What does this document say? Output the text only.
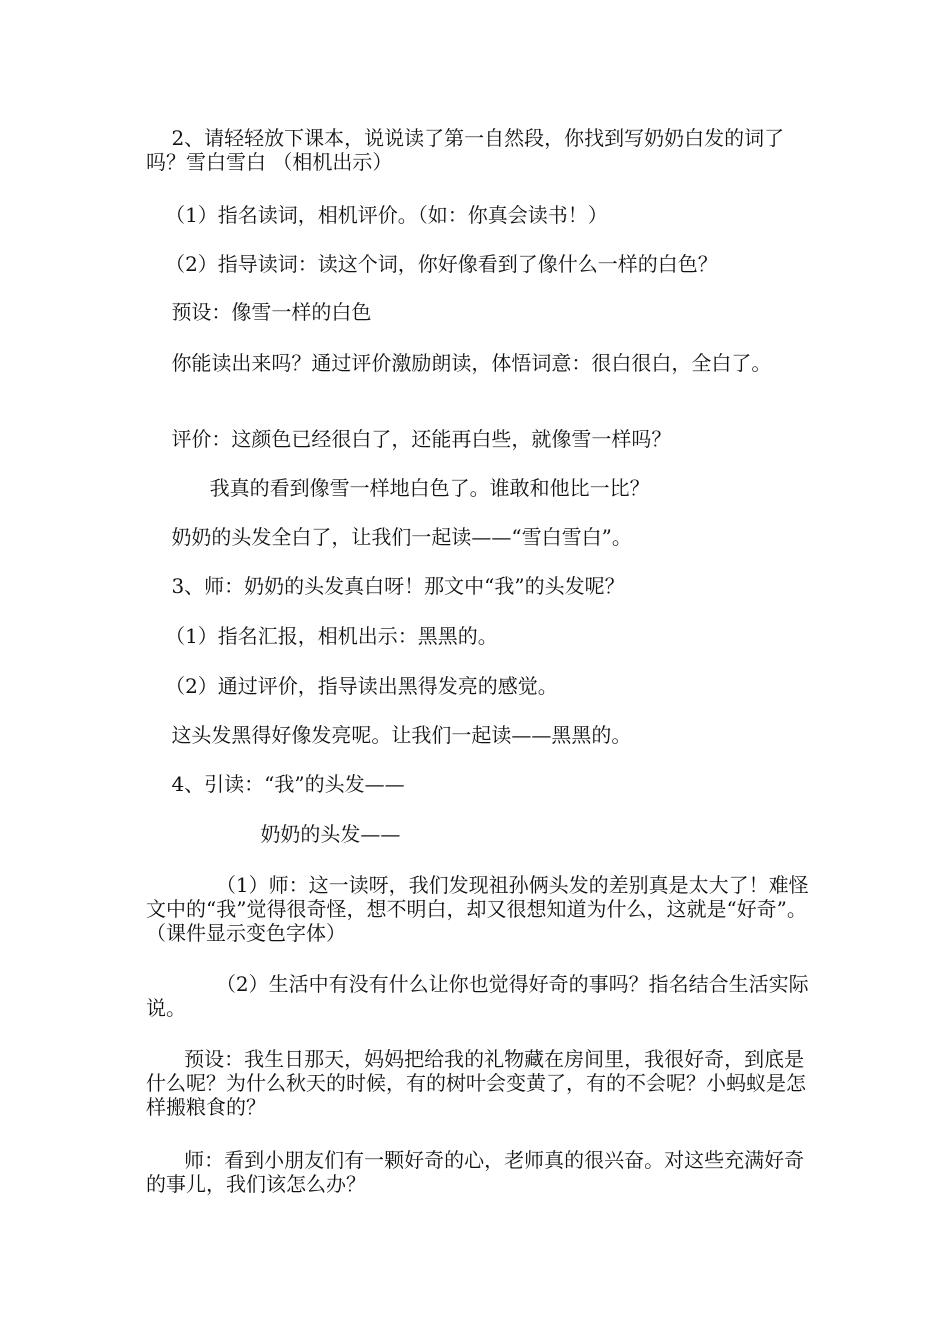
2、请轻轻放下课本，说说读了第一自然段，你找到写奶奶白发的词了吗？雪白雪白 （相机出示）

（1）指名读词，相机评价。（如：你真会读书！）

（2）指导读词：读这个词，你好像看到了像什么一样的白色？

预设：像雪一样的白色

你能读出来吗？通过评价激励朗读，体悟词意：很白很白，全白了。

评价：这颜色已经很白了，还能再白些，就像雪一样吗？

我真的看到像雪一样地白色了。谁敢和他比一比？

奶奶的头发全白了，让我们一起读——“雪白雪白”。

3、师：奶奶的头发真白呀！那文中“我”的头发呢？

（1）指名汇报，相机出示：黑黑的。

（2）通过评价，指导读出黑得发亮的感觉。

这头发黑得好像发亮呢。让我们一起读——黑黑的。

4、引读：“我”的头发——

奶奶的头发——

（1）师：这一读呀，我们发现祖孙俩头发的差别真是太大了！难怪文中的“我”觉得很奇怪，想不明白，却又很想知道为什么，这就是“好奇”。（课件显示变色字体）

（2）生活中有没有什么让你也觉得好奇的事吗？指名结合生活实际说。

预设：我生日那天，妈妈把给我的礼物藏在房间里，我很好奇，到底是什么呢？为什么秋天的时候，有的树叶会变黄了，有的不会呢？小蚂蚁是怎样搬粮食的？

师：看到小朋友们有一颗好奇的心，老师真的很兴奋。对这些充满好奇的事儿，我们该怎么办？
